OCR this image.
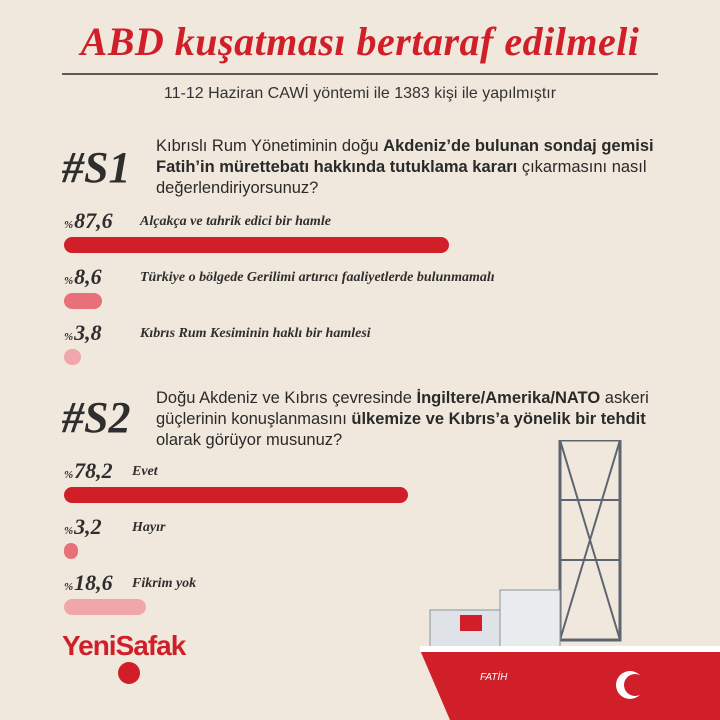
ABD kuşatması bertaraf edilmeli
11-12 Haziran CAWİ yöntemi ile 1383 kişi ile yapılmıştır
#S1 Kıbrıslı Rum Yönetiminin doğu Akdeniz’de bulunan sondaj gemisi Fatih’in mürettebatı hakkında tutuklama kararı çıkarmasını nasıl değerlendiriyorsunuz?
#S2 Doğu Akdeniz ve Kıbrıs çevresinde İngiltere/Amerika/NATO askeri güçlerinin konuşlanmasını ülkemize ve Kıbrıs’a yönelik bir tehdit olarak görüyor musunuz?
%87,6 Alçakça ve tahrik edici bir hamle
%8,6	Türkiye o bölgede Gerilimi artırıcı faaliyetlerde bulunmamalı
%3,8	Kıbrıs Rum Kesiminin haklı bir hamlesi
%78,2 Evet
%3,2 Hayır
%18,6 Fikrim yok
FATİH
YeniSafak
